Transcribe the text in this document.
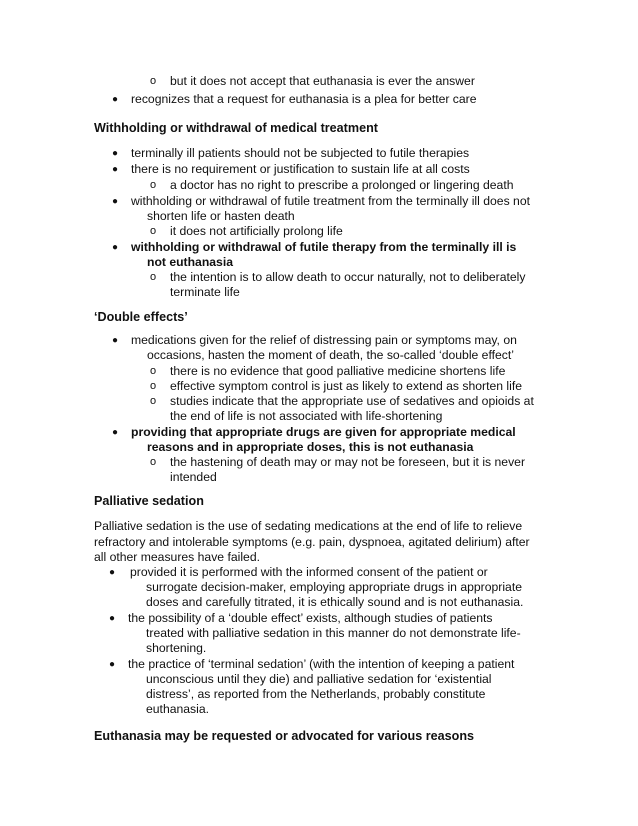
o but it does not accept that euthanasia is ever the answer
● recognizes that a request for euthanasia is a plea for better care
Withholding or withdrawal of medical treatment
● terminally ill patients should not be subjected to futile therapies
● there is no requirement or justification to sustain life at all costs
o a doctor has no right to prescribe a prolonged or lingering death
● withholding or withdrawal of futile treatment from the terminally ill does not
shorten life or hasten death
o it does not artificially prolong life
● withholding or withdrawal of futile therapy from the terminally ill is
not euthanasia
o the intention is to allow death to occur naturally, not to deliberately
terminate life
‘Double effects’
● medications given for the relief of distressing pain or symptoms may, on
occasions, hasten the moment of death, the so-called ‘double effect’
o there is no evidence that good palliative medicine shortens life
o effective symptom control is just as likely to extend as shorten life
o studies indicate that the appropriate use of sedatives and opioids at
the end of life is not associated with life-shortening
● providing that appropriate drugs are given for appropriate medical
reasons and in appropriate doses, this is not euthanasia
o the hastening of death may or may not be foreseen, but it is never
intended
Palliative sedation
Palliative sedation is the use of sedating medications at the end of life to relieve
refractory and intolerable symptoms (e.g. pain, dyspnoea, agitated delirium) after
all other measures have failed.
● provided it is performed with the informed consent of the patient or
surrogate decision-maker, employing appropriate drugs in appropriate
doses and carefully titrated, it is ethically sound and is not euthanasia.
● the possibility of a ‘double effect’ exists, although studies of patients
treated with palliative sedation in this manner do not demonstrate life-
shortening.
● the practice of ‘terminal sedation’ (with the intention of keeping a patient
unconscious until they die) and palliative sedation for ‘existential
distress’, as reported from the Netherlands, probably constitute
euthanasia.
Euthanasia may be requested or advocated for various reasons
